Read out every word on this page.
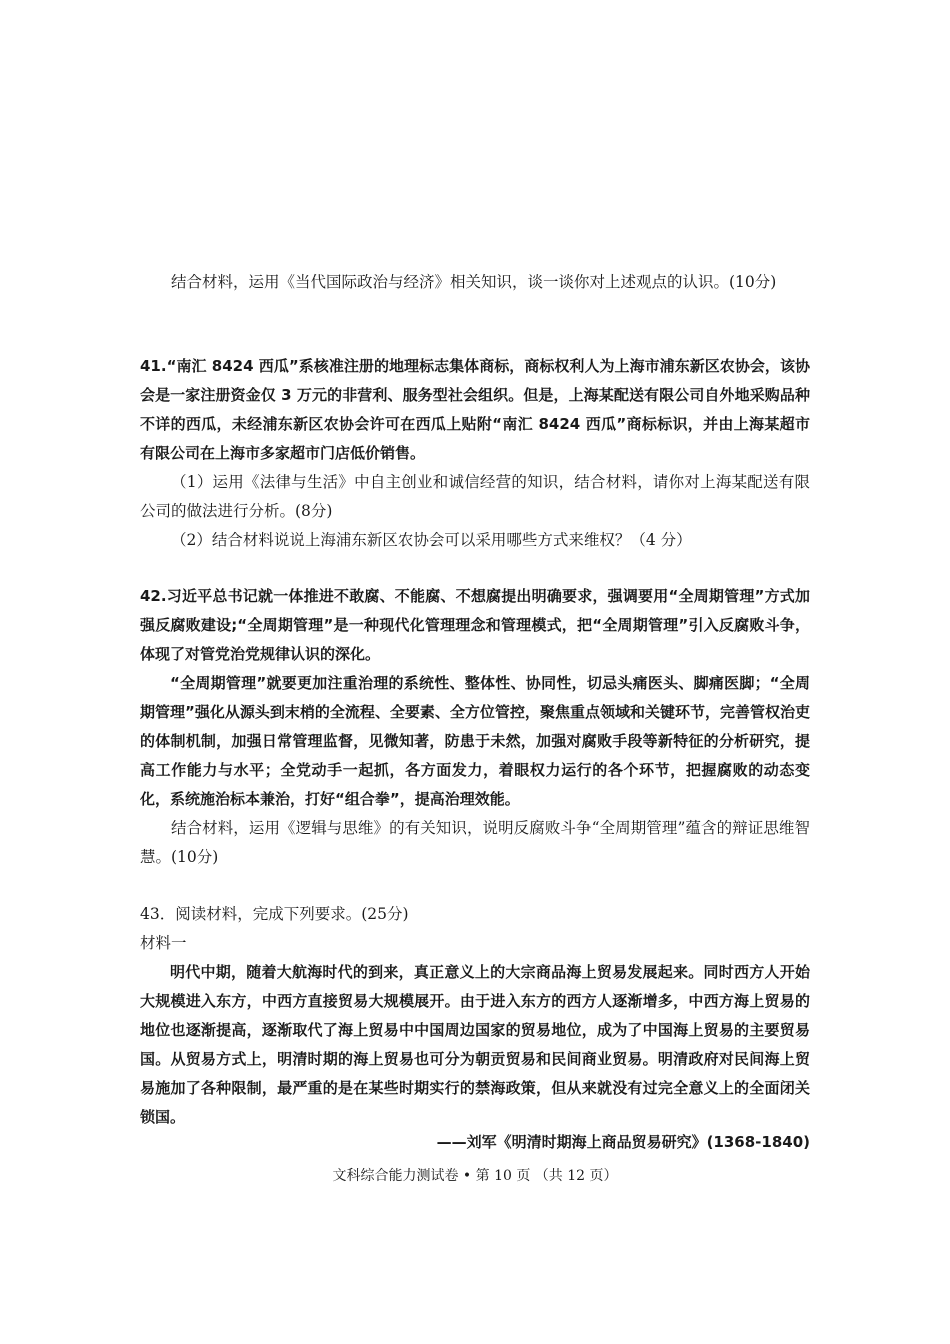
结合材料，运用《当代国际政治与经济》相关知识，谈一谈你对上述观点的认识。(10分)

41.“南汇 8424 西瓜”系核准注册的地理标志集体商标，商标权利人为上海市浦东新区农协会，该协会是一家注册资金仅 3 万元的非营利、服务型社会组织。但是，上海某配送有限公司自外地采购品种不详的西瓜，未经浦东新区农协会许可在西瓜上贴附“南汇 8424 西瓜”商标标识，并由上海某超市有限公司在上海市多家超市门店低价销售。

（1）运用《法律与生活》中自主创业和诚信经营的知识，结合材料，请你对上海某配送有限公司的做法进行分析。(8分)

（2）结合材料说说上海浦东新区农协会可以采用哪些方式来维权？（4 分）

42.习近平总书记就一体推进不敢腐、不能腐、不想腐提出明确要求，强调要用“全周期管理”方式加强反腐败建设;“全周期管理”是一种现代化管理理念和管理模式，把“全周期管理”引入反腐败斗争，体现了对管党治党规律认识的深化。

“全周期管理”就要更加注重治理的系统性、整体性、协同性，切忌头痛医头、脚痛医脚；“全周期管理”强化从源头到末梢的全流程、全要素、全方位管控，聚焦重点领域和关键环节，完善管权治吏的体制机制，加强日常管理监督，见微知著，防患于未然，加强对腐败手段等新特征的分析研究，提高工作能力与水平；全党动手一起抓，各方面发力，着眼权力运行的各个环节，把握腐败的动态变化，系统施治标本兼治，打好“组合拳”，提高治理效能。

结合材料，运用《逻辑与思维》的有关知识，说明反腐败斗争“全周期管理”蕴含的辩证思维智慧。(10分)

43．阅读材料，完成下列要求。(25分)

材料一

明代中期，随着大航海时代的到来，真正意义上的大宗商品海上贸易发展起来。同时西方人开始大规模进入东方，中西方直接贸易大规模展开。由于进入东方的西方人逐渐增多，中西方海上贸易的地位也逐渐提高，逐渐取代了海上贸易中中国周边国家的贸易地位，成为了中国海上贸易的主要贸易国。从贸易方式上，明清时期的海上贸易也可分为朝贡贸易和民间商业贸易。明清政府对民间海上贸易施加了各种限制，最严重的是在某些时期实行的禁海政策，但从来就没有过完全意义上的全面闭关锁国。

——刘军《明清时期海上商品贸易研究》(1368-1840)

文科综合能力测试卷 • 第 10 页 （共 12 页）
